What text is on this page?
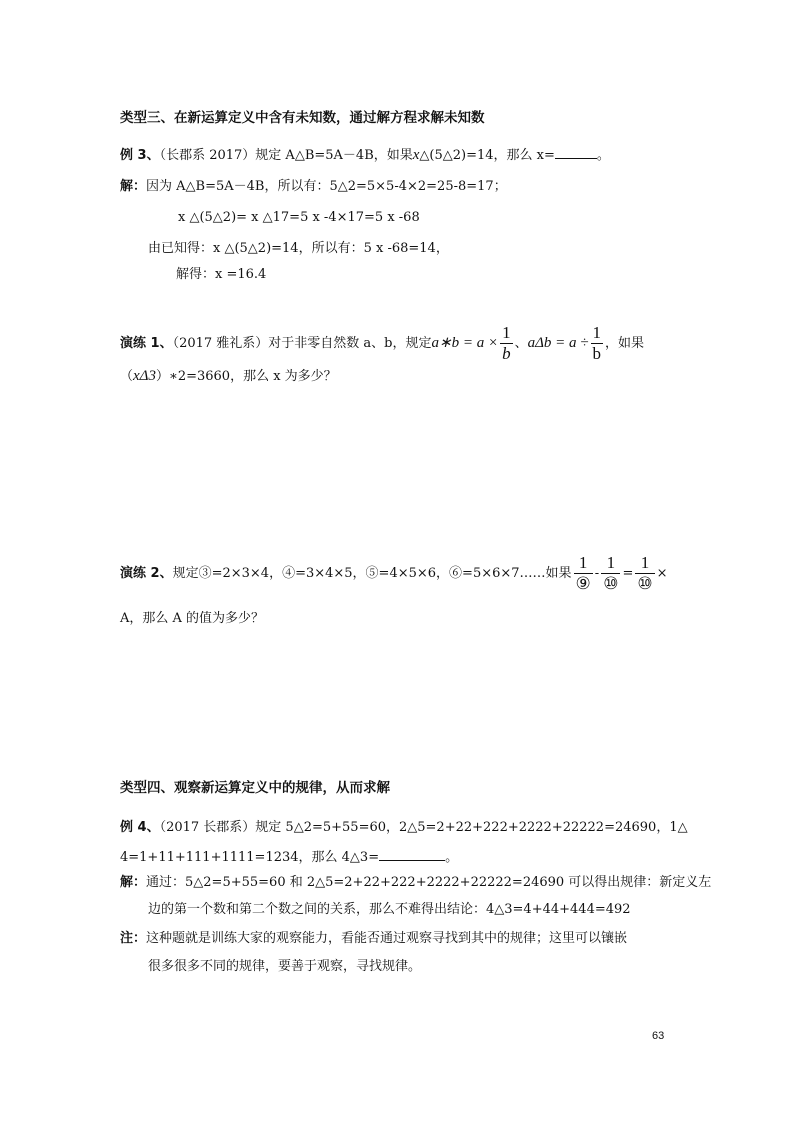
类型三、在新运算定义中含有未知数，通过解方程求解未知数
例 3、（长郡系 2017）规定 A△B=5A－4B，如果x△(5△2)=14，那么 x=	。
解：因为 A△B=5A－4B，所以有：5△2=5×5-4×2=25-8=17；
x △(5△2)= x △17=5 x -4×17=5 x -68
由已知得：x △(5△2)=14，所以有：5 x -68=14，
解得：x =16.4
演练 1、（2017 雅礼系）对于非零自然数 a、b，规定a∗b = $a \times \frac{1}{b}$ 、$a\Delta b = a \div \frac{1}{b}$ ，如果
（xΔ3）∗2=3660，那么 x 为多少？
演练 2、规定③=2×3×4，④=3×4×5，⑤=4×5×6，⑥=5×6×7……如果 $\frac{1}{\text{⑨}} - \frac{1}{\text{⑩}} = \frac{1}{\text{⑩}}$ ×
A，那么 A 的值为多少？
类型四、观察新运算定义中的规律，从而求解
例 4、（2017 长郡系）规定 5△2=5+55=60，2△5=2+22+222+2222+22222=24690，1△
4=1+11+111+1111=1234，那么 4△3=	。
解：通过：5△2=5+55=60 和 2△5=2+22+222+2222+22222=24690 可以得出规律：新定义左
边的第一个数和第二个数之间的关系，那么不难得出结论：4△3=4+44+444=492
注：这种题就是训练大家的观察能力，看能否通过观察寻找到其中的规律；这里可以镶嵌
很多很多不同的规律，要善于观察，寻找规律。
63
